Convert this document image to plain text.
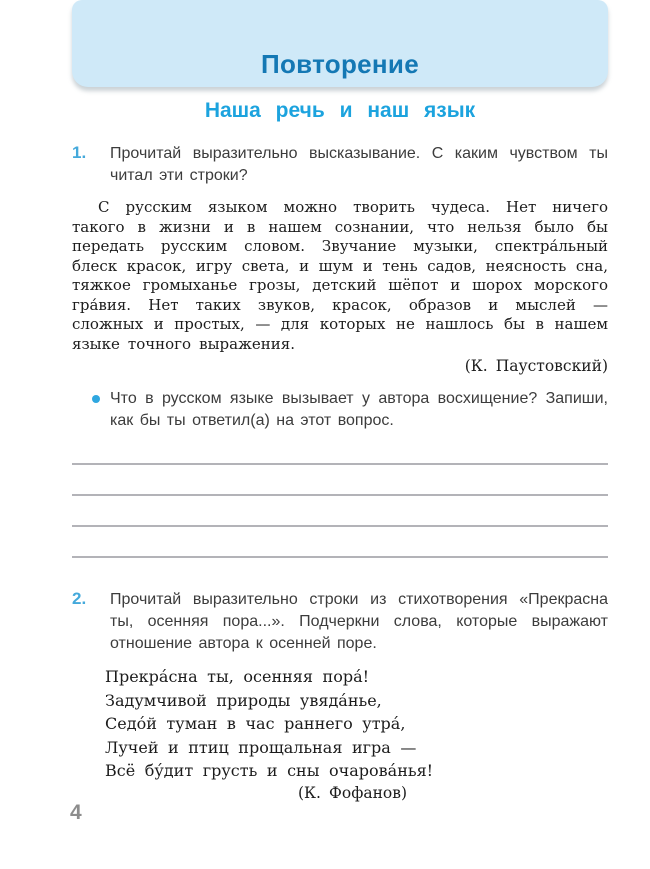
Повторение
Наша речь и наш язык
1.	Прочитай выразительно высказывание. С каким чувством ты читал эти строки?
С русским языком можно творить чудеса. Нет ничего такого в жизни и в нашем сознании, что нельзя было бы передать русским словом. Звучание музыки, спектра́льный блеск красок, игру света, и шум и тень садов, неясность сна, тяжкое громыханье грозы, детский шёпот и шорох морского гра́вия. Нет таких звуков, красок, образов и мыслей — сложных и простых, — для которых не нашлось бы в нашем языке точного выражения.
(К. Паустовский)
Что в русском языке вызывает у автора восхищение? Запиши, как бы ты ответил(а) на этот вопрос.
2.	Прочитай выразительно строки из стихотворения «Прекрасна ты, осенняя пора...». Подчеркни слова, которые выражают отношение автора к осенней поре.
Прекра́сна ты, осенняя пора́!
Задумчивой природы увяда́нье,
Седо́й туман в час раннего утра́,
Лучей и птиц прощальная игра —
Всё бу́дит грусть и сны очарова́нья!
(К. Фофанов)
4
